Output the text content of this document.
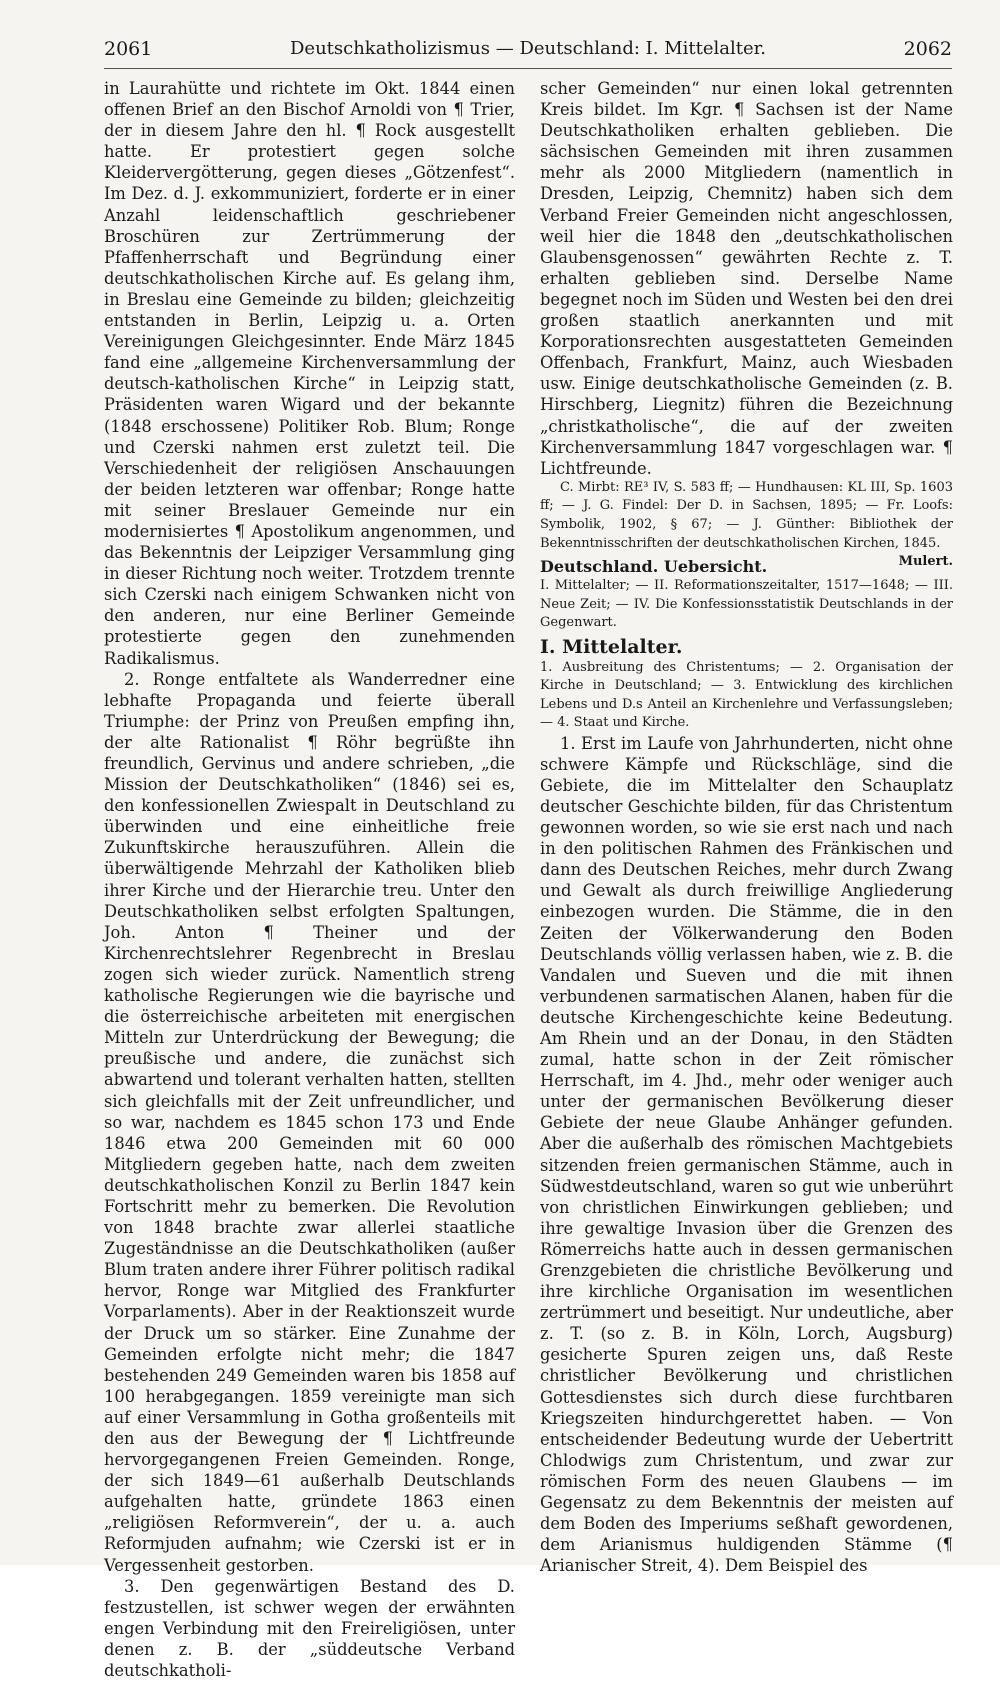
2061	Deutschkatholizismus — Deutschland: I. Mittelalter.	2062

in Laurahütte und richtete im Okt. 1844 einen offenen Brief an den Bischof Arnoldi von ¶ Trier, der in diesem Jahre den hl. ¶ Rock ausgestellt hatte. Er protestiert gegen solche Kleidervergötterung, gegen dieses „Götzenfest“. Im Dez. d. J. exkommuniziert, forderte er in einer Anzahl leidenschaftlich geschriebener Broschüren zur Zertrümmerung der Pfaffenherrschaft und Begründung einer deutschkatholischen Kirche auf. Es gelang ihm, in Breslau eine Gemeinde zu bilden; gleichzeitig entstanden in Berlin, Leipzig u. a. Orten Vereinigungen Gleichgesinnter. Ende März 1845 fand eine „allgemeine Kirchenversammlung der deutsch-katholischen Kirche“ in Leipzig statt, Präsidenten waren Wigard und der bekannte (1848 erschossene) Politiker Rob. Blum; Ronge und Czerski nahmen erst zuletzt teil. Die Verschiedenheit der religiösen Anschauungen der beiden letzteren war offenbar; Ronge hatte mit seiner Breslauer Gemeinde nur ein modernisiertes ¶ Apostolikum angenommen, und das Bekenntnis der Leipziger Versammlung ging in dieser Richtung noch weiter. Trotzdem trennte sich Czerski nach einigem Schwanken nicht von den anderen, nur eine Berliner Gemeinde protestierte gegen den zunehmenden Radikalismus.

2. Ronge entfaltete als Wanderredner eine lebhafte Propaganda und feierte überall Triumphe: der Prinz von Preußen empfing ihn, der alte Rationalist ¶ Röhr begrüßte ihn freundlich, Gervinus und andere schrieben, „die Mission der Deutschkatholiken“ (1846) sei es, den konfessionellen Zwiespalt in Deutschland zu überwinden und eine einheitliche freie Zukunftskirche herauszuführen. Allein die überwältigende Mehrzahl der Katholiken blieb ihrer Kirche und der Hierarchie treu. Unter den Deutschkatholiken selbst erfolgten Spaltungen, Joh. Anton ¶ Theiner und der Kirchenrechtslehrer Regenbrecht in Breslau zogen sich wieder zurück. Namentlich streng katholische Regierungen wie die bayrische und die österreichische arbeiteten mit energischen Mitteln zur Unterdrückung der Bewegung; die preußische und andere, die zunächst sich abwartend und tolerant verhalten hatten, stellten sich gleichfalls mit der Zeit unfreundlicher, und so war, nachdem es 1845 schon 173 und Ende 1846 etwa 200 Gemeinden mit 60 000 Mitgliedern gegeben hatte, nach dem zweiten deutschkatholischen Konzil zu Berlin 1847 kein Fortschritt mehr zu bemerken. Die Revolution von 1848 brachte zwar allerlei staatliche Zugeständnisse an die Deutschkatholiken (außer Blum traten andere ihrer Führer politisch radikal hervor, Ronge war Mitglied des Frankfurter Vorparlaments). Aber in der Reaktionszeit wurde der Druck um so stärker. Eine Zunahme der Gemeinden erfolgte nicht mehr; die 1847 bestehenden 249 Gemeinden waren bis 1858 auf 100 herabgegangen. 1859 vereinigte man sich auf einer Versammlung in Gotha großenteils mit den aus der Bewegung der ¶ Lichtfreunde hervorgegangenen Freien Gemeinden. Ronge, der sich 1849—61 außerhalb Deutschlands aufgehalten hatte, gründete 1863 einen „religiösen Reformverein“, der u. a. auch Reformjuden aufnahm; wie Czerski ist er in Vergessenheit gestorben.

3. Den gegenwärtigen Bestand des D. festzustellen, ist schwer wegen der erwähnten engen Verbindung mit den Freireligiösen, unter denen z. B. der „süddeutsche Verband deutschkatholi-

scher Gemeinden“ nur einen lokal getrennten Kreis bildet. Im Kgr. ¶ Sachsen ist der Name Deutschkatholiken erhalten geblieben. Die sächsischen Gemeinden mit ihren zusammen mehr als 2000 Mitgliedern (namentlich in Dresden, Leipzig, Chemnitz) haben sich dem Verband Freier Gemeinden nicht angeschlossen, weil hier die 1848 den „deutschkatholischen Glaubensgenossen“ gewährten Rechte z. T. erhalten geblieben sind. Derselbe Name begegnet noch im Süden und Westen bei den drei großen staatlich anerkannten und mit Korporationsrechten ausgestatteten Gemeinden Offenbach, Frankfurt, Mainz, auch Wiesbaden usw. Einige deutschkatholische Gemeinden (z. B. Hirschberg, Liegnitz) führen die Bezeichnung „christkatholische“, die auf der zweiten Kirchenversammlung 1847 vorgeschlagen war. ¶ Lichtfreunde.

C. Mirbt: RE³ IV, S. 583 ff; — Hundhausen: KL III, Sp. 1603 ff; — J. G. Findel: Der D. in Sachsen, 1895; — Fr. Loofs: Symbolik, 1902, § 67; — J. Günther: Bibliothek der Bekenntnisschriften der deutschkatholischen Kirchen, 1845.
Mulert.

Deutschland. Uebersicht.

I. Mittelalter; — II. Reformationszeitalter, 1517—1648; — III. Neue Zeit; — IV. Die Konfessionsstatistik Deutschlands in der Gegenwart.

I. Mittelalter.

1. Ausbreitung des Christentums; — 2. Organisation der Kirche in Deutschland; — 3. Entwicklung des kirchlichen Lebens und D.s Anteil an Kirchenlehre und Verfassungsleben; — 4. Staat und Kirche.

1. Erst im Laufe von Jahrhunderten, nicht ohne schwere Kämpfe und Rückschläge, sind die Gebiete, die im Mittelalter den Schauplatz deutscher Geschichte bilden, für das Christentum gewonnen worden, so wie sie erst nach und nach in den politischen Rahmen des Fränkischen und dann des Deutschen Reiches, mehr durch Zwang und Gewalt als durch freiwillige Angliederung einbezogen wurden. Die Stämme, die in den Zeiten der Völkerwanderung den Boden Deutschlands völlig verlassen haben, wie z. B. die Vandalen und Sueven und die mit ihnen verbundenen sarmatischen Alanen, haben für die deutsche Kirchengeschichte keine Bedeutung. Am Rhein und an der Donau, in den Städten zumal, hatte schon in der Zeit römischer Herrschaft, im 4. Jhd., mehr oder weniger auch unter der germanischen Bevölkerung dieser Gebiete der neue Glaube Anhänger gefunden. Aber die außerhalb des römischen Machtgebiets sitzenden freien germanischen Stämme, auch in Südwestdeutschland, waren so gut wie unberührt von christlichen Einwirkungen geblieben; und ihre gewaltige Invasion über die Grenzen des Römerreichs hatte auch in dessen germanischen Grenzgebieten die christliche Bevölkerung und ihre kirchliche Organisation im wesentlichen zertrümmert und beseitigt. Nur undeutliche, aber z. T. (so z. B. in Köln, Lorch, Augsburg) gesicherte Spuren zeigen uns, daß Reste christlicher Bevölkerung und christlichen Gottesdienstes sich durch diese furchtbaren Kriegszeiten hindurchgerettet haben. — Von entscheidender Bedeutung wurde der Uebertritt Chlodwigs zum Christentum, und zwar zur römischen Form des neuen Glaubens — im Gegensatz zu dem Bekenntnis der meisten auf dem Boden des Imperiums seßhaft gewordenen, dem Arianismus huldigenden Stämme (¶ Arianischer Streit, 4). Dem Beispiel des
